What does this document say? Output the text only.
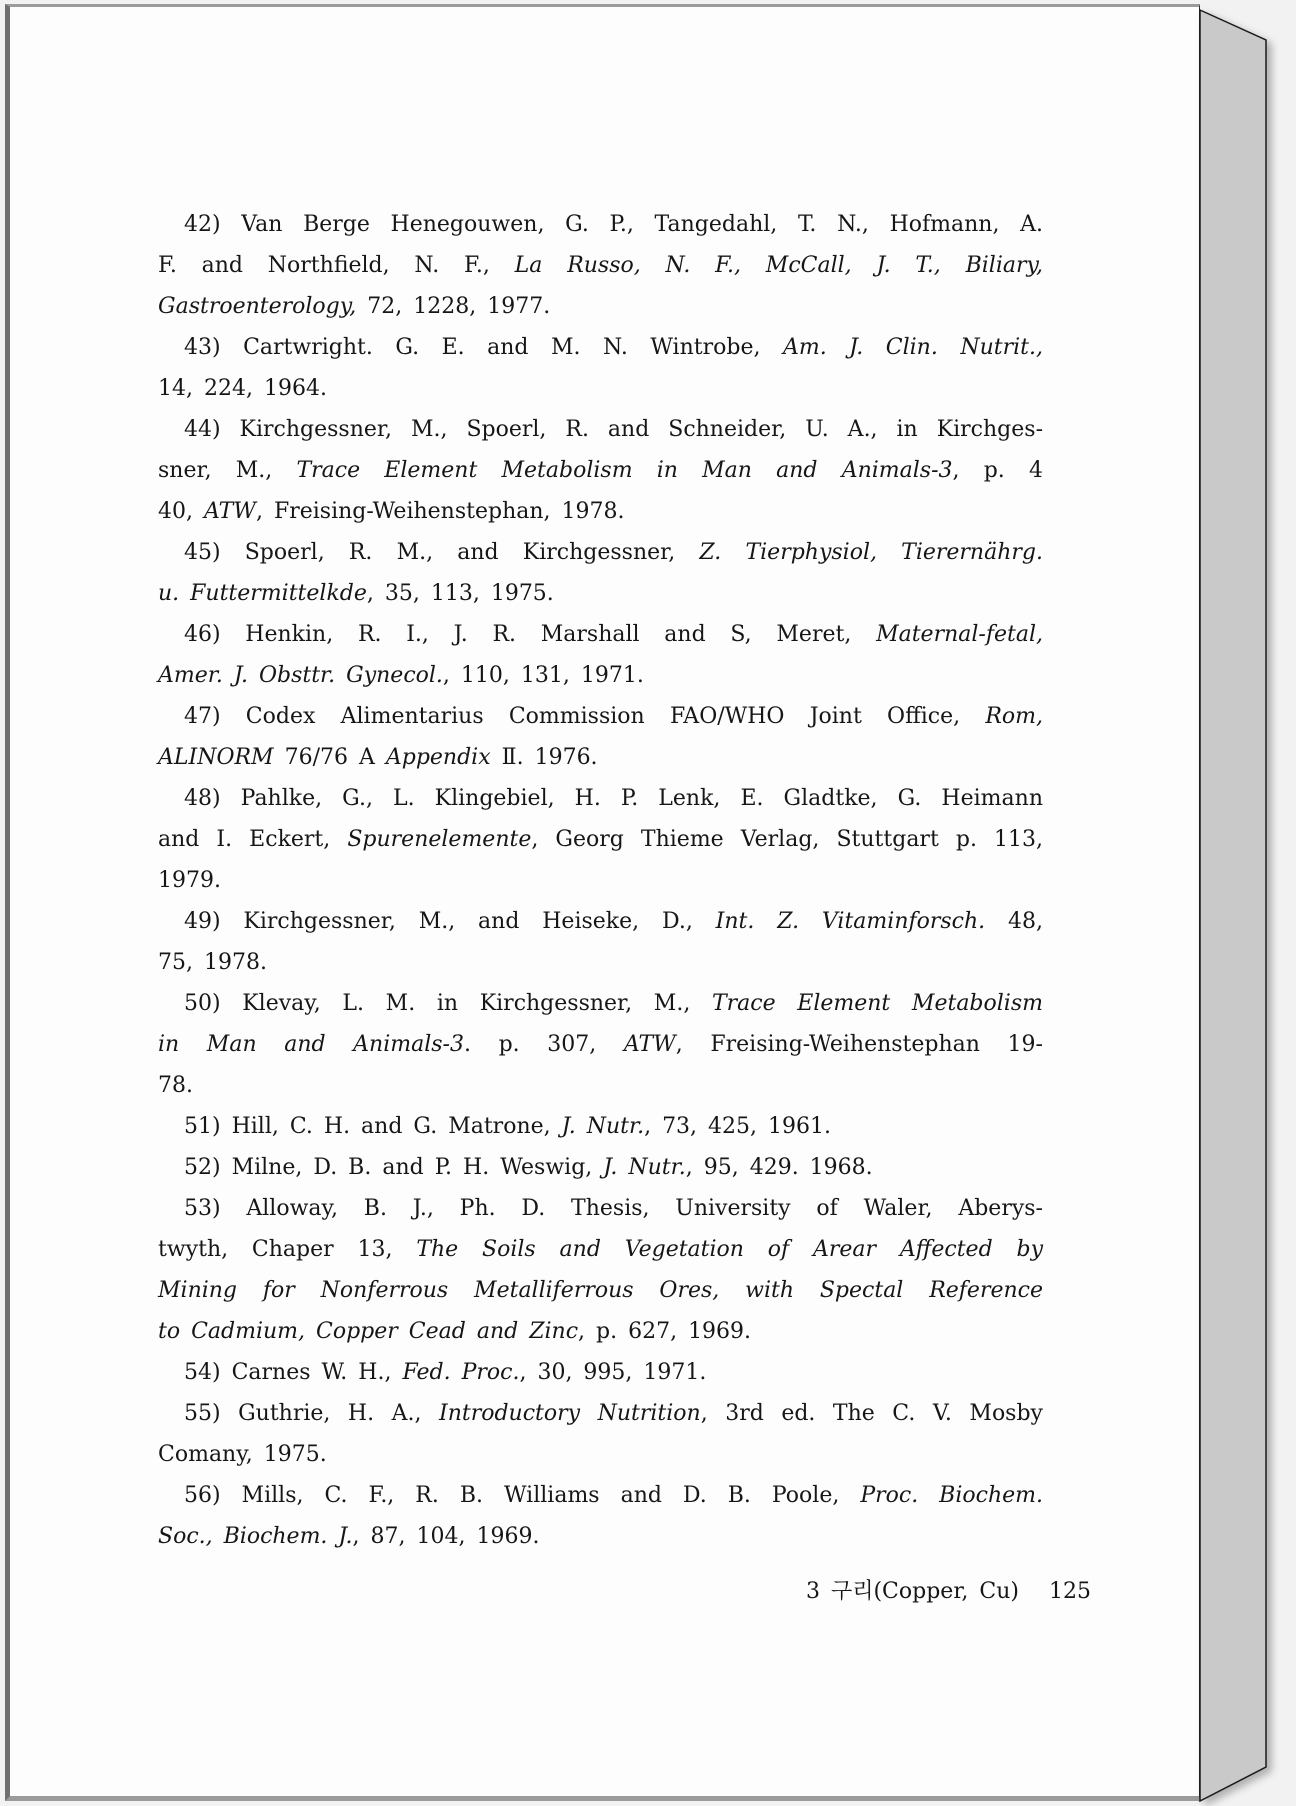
42) Van Berge Henegouwen, G. P., Tangedahl, T. N., Hofmann, A.
F. and Northfield, N. F., La Russo, N. F., McCall, J. T., Biliary,
Gastroenterology, 72, 1228, 1977.
43) Cartwright. G. E. and M. N. Wintrobe, Am. J. Clin. Nutrit.,
14, 224, 1964.
44) Kirchgessner, M., Spoerl, R. and Schneider, U. A., in Kirchges-
sner, M., Trace Element Metabolism in Man and Animals-3, p. 4
40, ATW, Freising-Weihenstephan, 1978.
45) Spoerl, R. M., and Kirchgessner, Z. Tierphysiol, Tierernährg.
u. Futtermittelkde, 35, 113, 1975.
46) Henkin, R. I., J. R. Marshall and S, Meret, Maternal-fetal,
Amer. J. Obsttr. Gynecol., 110, 131, 1971.
47) Codex Alimentarius Commission FAO/WHO Joint Office, Rom,
ALINORM 76/76 A Appendix Ⅱ. 1976.
48) Pahlke, G., L. Klingebiel, H. P. Lenk, E. Gladtke, G. Heimann
and I. Eckert, Spurenelemente, Georg Thieme Verlag, Stuttgart p. 113,
1979.
49) Kirchgessner, M., and Heiseke, D., Int. Z. Vitaminforsch. 48,
75, 1978.
50) Klevay, L. M. in Kirchgessner, M., Trace Element Metabolism
in Man and Animals-3. p. 307, ATW, Freising-Weihenstephan 19-
78.
51) Hill, C. H. and G. Matrone, J. Nutr., 73, 425, 1961.
52) Milne, D. B. and P. H. Weswig, J. Nutr., 95, 429. 1968.
53) Alloway, B. J., Ph. D. Thesis, University of Waler, Aberys-
twyth, Chaper 13, The Soils and Vegetation of Arear Affected by
Mining for Nonferrous Metalliferrous Ores, with Spectal Reference
to Cadmium, Copper Cead and Zinc, p. 627, 1969.
54) Carnes W. H., Fed. Proc., 30, 995, 1971.
55) Guthrie, H. A., Introductory Nutrition, 3rd ed. The C. V. Mosby
Comany, 1975.
56) Mills, C. F., R. B. Williams and D. B. Poole, Proc. Biochem.
Soc., Biochem. J., 87, 104, 1969.
3 구리(Copper, Cu) 125
